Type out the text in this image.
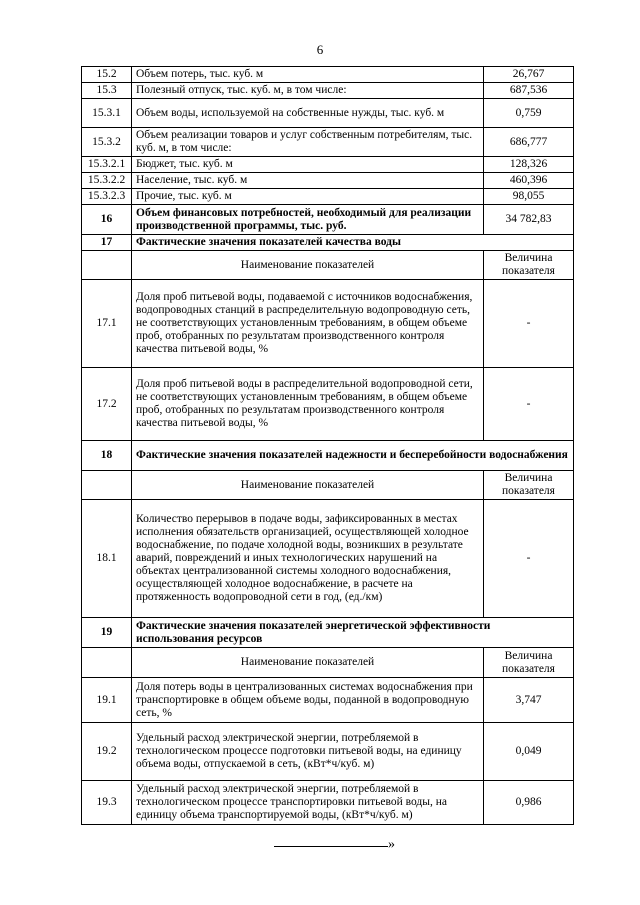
6
15.2	Объем потерь, тыс. куб. м	26,767
15.3	Полезный отпуск, тыс. куб. м, в том числе:	687,536
15.3.1	Объем воды, используемой на собственные нужды, тыс. куб. м	0,759
15.3.2	Объем реализации товаров и услуг собственным потребителям, тыс. куб. м, в том числе:	686,777
15.3.2.1	Бюджет, тыс. куб. м	128,326
15.3.2.2	Население, тыс. куб. м	460,396
15.3.2.3	Прочие, тыс. куб. м	98,055
16	Объем финансовых потребностей, необходимый для реализации производственной программы, тыс. руб.	34 782,83
17	Фактические значения показателей качества воды	
	Наименование показателей	Величина показателя
17.1	Доля проб питьевой воды, подаваемой с источников водоснабжения, водопроводных станций в распределительную водопроводную сеть, не соответствующих установленным требованиям, в общем объеме проб, отобранных по результатам производственного контроля качества питьевой воды, %	-
17.2	Доля проб питьевой воды в распределительной водопроводной сети, не соответствующих установленным требованиям, в общем объеме проб, отобранных по результатам производственного контроля качества питьевой воды, %	-
18	Фактические значения показателей надежности и бесперебойности водоснабжения	
	Наименование показателей	Величина показателя
18.1	Количество перерывов в подаче воды, зафиксированных в местах исполнения обязательств организацией, осуществляющей холодное водоснабжение, по подаче холодной воды, возникших в результате аварий, повреждений и иных технологических нарушений на объектах централизованной системы холодного водоснабжения, осуществляющей холодное водоснабжение, в расчете на протяженность водопроводной сети в год, (ед./км)	-
19	Фактические значения показателей энергетической эффективности использования ресурсов	
	Наименование показателей	Величина показателя
19.1	Доля потерь воды в централизованных системах водоснабжения при транспортировке в общем объеме воды, поданной в водопроводную сеть, %	3,747
19.2	Удельный расход электрической энергии, потребляемой в технологическом процессе подготовки питьевой воды, на единицу объема воды, отпускаемой в сеть, (кВт*ч/куб. м)	0,049
19.3	Удельный расход электрической энергии, потребляемой в технологическом процессе транспортировки питьевой воды, на единицу объема транспортируемой воды, (кВт*ч/куб. м)	0,986
»
